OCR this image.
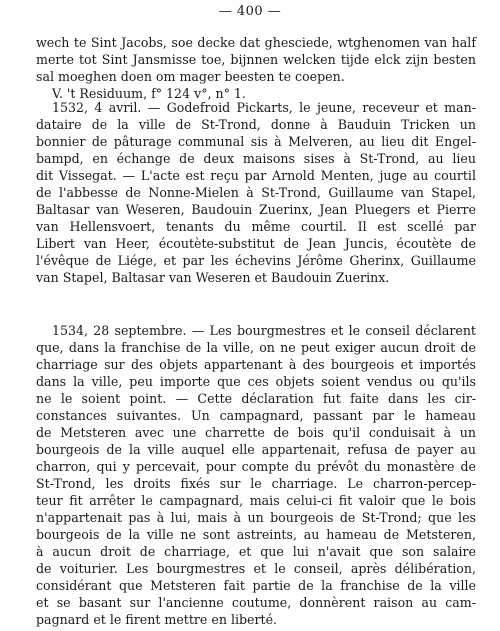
— 400 —
wech te Sint Jacobs, soe decke dat ghesciede, wtghenomen van half
merte tot Sint Jansmisse toe, bijnnen welcken tijde elck zijn besten
sal moeghen doen om mager beesten te coepen.
V. 't Residuum, f° 124 v°, n° 1.
1532, 4 avril. — Godefroid Pickarts, le jeune, receveur et man-
dataire de la ville de St-Trond, donne à Bauduin Tricken un
bonnier de pâturage communal sis à Melveren, au lieu dit Engel-
bampd, en échange de deux maisons sises à St-Trond, au lieu
dit Vissegat. — L'acte est reçu par Arnold Menten, juge au courtil
de l'abbesse de Nonne-Mielen à St-Trond, Guillaume van Stapel,
Baltasar van Weseren, Baudouin Zuerinx, Jean Pluegers et Pierre
van Hellensvoert, tenants du même courtil. Il est scellé par
Libert van Heer, écoutète-substitut de Jean Juncis, écoutète de
l'évêque de Liége, et par les échevins Jérôme Gherinx, Guillaume
van Stapel, Baltasar van Weseren et Baudouin Zuerinx.
1534, 28 septembre. — Les bourgmestres et le conseil déclarent
que, dans la franchise de la ville, on ne peut exiger aucun droit de
charriage sur des objets appartenant à des bourgeois et importés
dans la ville, peu importe que ces objets soient vendus ou qu'ils
ne le soient point. — Cette déclaration fut faite dans les cir-
constances suivantes. Un campagnard, passant par le hameau
de Metsteren avec une charrette de bois qu'il conduisait à un
bourgeois de la ville auquel elle appartenait, refusa de payer au
charron, qui y percevait, pour compte du prévôt du monastère de
St-Trond, les droits fixés sur le charriage. Le charron-percep-
teur fit arrêter le campagnard, mais celui-ci fit valoir que le bois
n'appartenait pas à lui, mais à un bourgeois de St-Trond; que les
bourgeois de la ville ne sont astreints, au hameau de Metsteren,
à aucun droit de charriage, et que lui n'avait que son salaire
de voiturier. Les bourgmestres et le conseil, après délibération,
considérant que Metsteren fait partie de la franchise de la ville
et se basant sur l'ancienne coutume, donnèrent raison au cam-
pagnard et le firent mettre en liberté.
